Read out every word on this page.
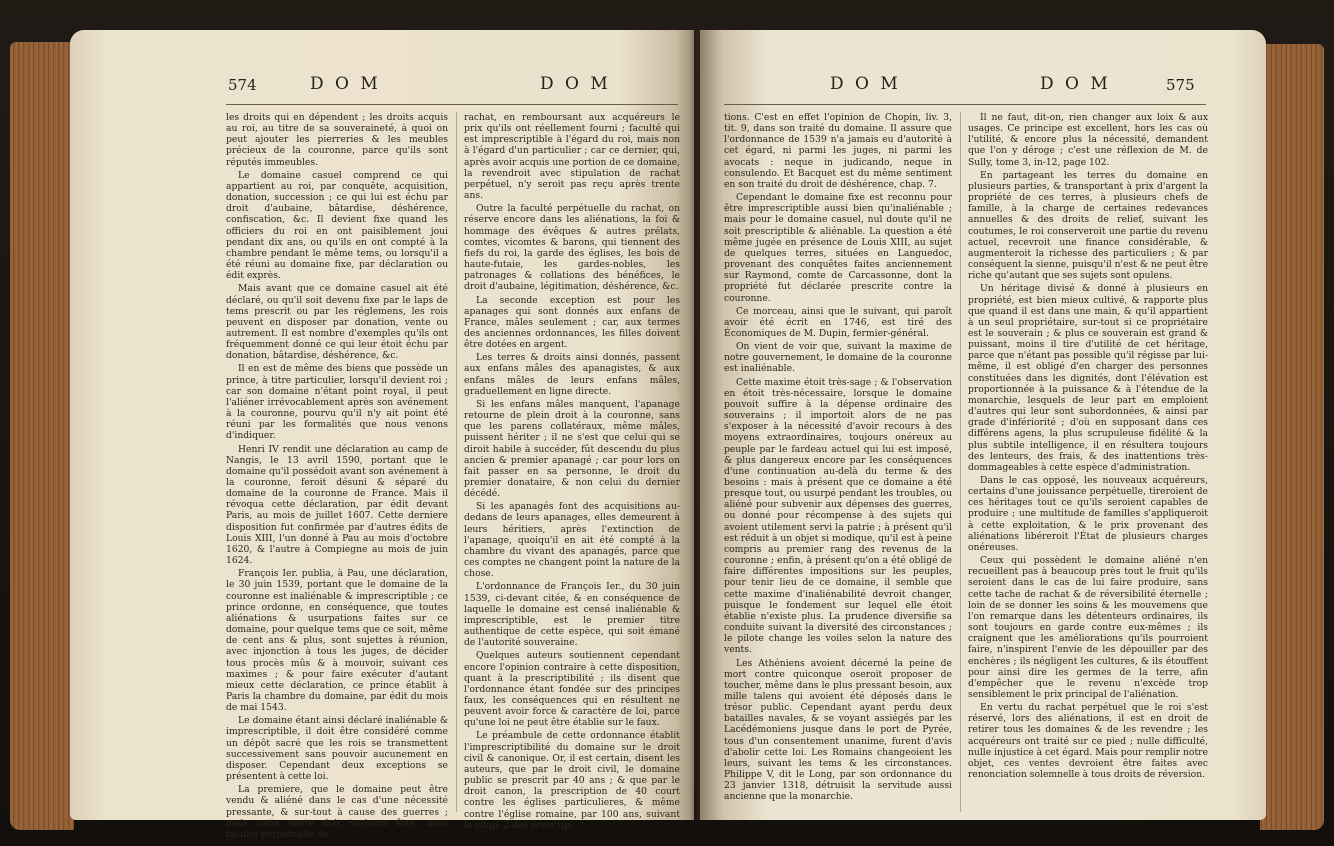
574	D O M	D O M

les droits qui en dépendent ; les droits acquis au roi, au titre de sa souveraineté, à quoi on peut ajouter les pierreries & les meubles précieux de la couronne, parce qu'ils sont réputés immeubles.

Le domaine casuel comprend ce qui appartient au roi, par conquête, acquisition, donation, succession ; ce qui lui est échu par droit d'aubaine, bâtardise, déshérence, confiscation, &c. Il devient fixe quand les officiers du roi en ont paisiblement joui pendant dix ans, ou qu'ils en ont compté à la chambre pendant le même tems, ou lorsqu'il a été réuni au domaine fixe, par déclaration ou édit exprès.

Mais avant que ce domaine casuel ait été déclaré, ou qu'il soit devenu fixe par le laps de tems prescrit ou par les réglemens, les rois peuvent en disposer par donation, vente ou autrement. Il est nombre d'exemples qu'ils ont fréquemment donné ce qui leur étoit échu par donation, bâtardise, déshérence, &c.

Il en est de même des biens que possède un prince, à titre particulier, lorsqu'il devient roi ; car son domaine n'étant point royal, il peut l'aliéner irrévocablement après son avénement à la couronne, pourvu qu'il n'y ait point été réuni par les formalités que nous venons d'indiquer.

Henri IV rendit une déclaration au camp de Nangis, le 13 avril 1590, portant que le domaine qu'il possédoit avant son avénement à la couronne, feroit désuni & séparé du domaine de la couronne de France. Mais il révoqua cette déclaration, par édit devant Paris, au mois de juillet 1607. Cette derniere disposition fut confirmée par d'autres édits de Louis XIII, l'un donné à Pau au mois d'octobre 1620, & l'autre à Compiegne au mois de juin 1624.

François Ier. publia, à Pau, une déclaration, le 30 juin 1539, portant que le domaine de la couronne est inaliénable & imprescriptible ; ce prince ordonne, en conséquence, que toutes aliénations & usurpations faites sur ce domaine, pour quelque tems que ce soit, même de cent ans & plus, sont sujettes à réunion, avec injonction à tous les juges, de décider tous procès mûs & à mouvoir, suivant ces maximes ; & pour faire exécuter d'autant mieux cette déclaration, ce prince établit à Paris la chambre du domaine, par édit du mois de mai 1543.

Le domaine étant ainsi déclaré inaliénable & imprescriptible, il doit être considéré comme un dépôt sacré que les rois se transmettent successivement sans pouvoir aucunement en disposer. Cependant deux exceptions se présentent à cette loi.

La premiere, que le domaine peut être vendu & aliéné dans le cas d'une nécessité pressante, & sur-tout à cause des guerres ; mais cette vente doit toujours être, avec faculté perpétuelle de

rachat, en remboursant aux acquéreurs le prix qu'ils ont réellement fourni ; faculté qui est imprescriptible à l'égard du roi, mais non à l'égard d'un particulier ; car ce dernier, qui, après avoir acquis une portion de ce domaine, la revendroit avec stipulation de rachat perpétuel, n'y seroit pas reçu après trente ans.

Outre la faculté perpétuelle du rachat, on réserve encore dans les aliénations, la foi & hommage des évêques & autres prélats, comtes, vicomtes & barons, qui tiennent des fiefs du roi, la garde des églises, les bois de haute-futaie, les gardes-nobles, les patronages & collations des bénéfices, le droit d'aubaine, légitimation, déshérence, &c.

La seconde exception est pour les apanages qui sont donnés aux enfans de France, mâles seulement ; car, aux termes des anciennes ordonnances, les filles doivent être dotées en argent.

Les terres & droits ainsi donnés, passent aux enfans mâles des apanagistes, & aux enfans mâles de leurs enfans mâles, graduellement en ligne directe.

Si les enfans mâles manquent, l'apanage retourne de plein droit à la couronne, sans que les parens collatéraux, même mâles, puissent hériter ; il ne s'est que celui qui se diroit habile à succéder, fût descendu du plus ancien & premier apanagé ; car pour lors on fait passer en sa personne, le droit du premier donataire, & non celui du dernier décédé.

Si les apanagés font des acquisitions au-dedans de leurs apanages, elles demeurent à leurs héritiers, après l'extinction de l'apanage, quoiqu'il en ait été compté à la chambre du vivant des apanagés, parce que ces comptes ne changent point la nature de la chose.

L'ordonnance de François Ier., du 30 juin 1539, ci-devant citée, & en conséquence de laquelle le domaine est censé inaliénable & imprescriptible, est le premier titre authentique de cette espèce, qui soit émané de l'autorité souveraine.

Quelques auteurs soutiennent cependant encore l'opinion contraire à cette disposition, quant à la prescriptibilité ; ils disent que l'ordonnance étant fondée sur des principes faux, les conséquences qui en résultent ne peuvent avoir force & caractère de loi, parce qu'une loi ne peut être établie sur le faux.

Le préambule de cette ordonnance établit l'imprescriptibilité du domaine sur le droit civil & canonique. Or, il est certain, disent les auteurs, que par le droit civil, le domaine public se prescrit par 40 ans ; & que par le droit canon, la prescription de 40 court contre les églises particulieres, & même contre l'église romaine, par 100 ans, suivant le chap. 2 des prescrip-

D O M	D O M	575

tions. C'est en effet l'opinion de Chopin, liv. 3, tit. 9, dans son traité du domaine. Il assure que l'ordonnance de 1539 n'a jamais eu d'autorité à cet égard, ni parmi les juges, ni parmi les avocats : neque in judicando, neque in consulendo. Et Bacquet est du même sentiment en son traité du droit de déshérence, chap. 7.

Cependant le domaine fixe est reconnu pour être imprescriptible aussi bien qu'inaliénable ; mais pour le domaine casuel, nul doute qu'il ne soit prescriptible & aliénable. La question a été même jugée en présence de Louis XIII, au sujet de quelques terres, situées en Languedoc, provenant des conquêtes faites anciennement sur Raymond, comte de Carcassonne, dont la propriété fut déclarée prescrite contre la couronne.

Ce morceau, ainsi que le suivant, qui paroît avoir été écrit en 1746, est tiré des Économiques de M. Dupin, fermier-général.

On vient de voir que, suivant la maxime de notre gouvernement, le domaine de la couronne est inaliénable.

Cette maxime étoit très-sage ; & l'observation en étoit très-nécessaire, lorsque le domaine pouvoit suffire à la dépense ordinaire des souverains ; il importoit alors de ne pas s'exposer à la nécessité d'avoir recours à des moyens extraordinaires, toujours onéreux au peuple par le fardeau actuel qui lui est imposé, & plus dangereux encore par les conséquences d'une continuation au-delà du terme & des besoins : mais à présent que ce domaine a été presque tout, ou usurpé pendant les troubles, ou aliéné pour subvenir aux dépenses des guerres, ou donné pour récompense à des sujets qui avoient utilement servi la patrie ; à présent qu'il est réduit à un objet si modique, qu'il est à peine compris au premier rang des revenus de la couronne ; enfin, à présent qu'on a été obligé de faire différentes impositions sur les peuples, pour tenir lieu de ce domaine, il semble que cette maxime d'inaliénabilité devroit changer, puisque le fondement sur lequel elle étoit établie n'existe plus. La prudence diversifie sa conduite suivant la diversité des circonstances ; le pilote change les voiles selon la nature des vents.

Les Athéniens avoient décerné la peine de mort contre quiconque oseroit proposer de toucher, même dans le plus pressant besoin, aux mille talens qui avoient été déposés dans le trésor public. Cependant ayant perdu deux batailles navales, & se voyant assiégés par les Lacédémoniens jusque dans le port de Pyrée, tous d'un consentement unanime, furent d'avis d'abolir cette loi. Les Romains changeoient les leurs, suivant les tems & les circonstances. Philippe V, dit le Long, par son ordonnance du 23 janvier 1318, détruisit la servitude aussi ancienne que la monarchie.

Il ne faut, dit-on, rien changer aux loix & aux usages. Ce principe est excellent, hors les cas où l'utilité, & encore plus la nécessité, demandent que l'on y déroge ; c'est une réflexion de M. de Sully, tome 3, in-12, page 102.

En partageant les terres du domaine en plusieurs parties, & transportant à prix d'argent la propriété de ces terres, à plusieurs chefs de famille, à la charge de certaines redevances annuelles & des droits de relief, suivant les coutumes, le roi conserveroit une partie du revenu actuel, recevroit une finance considérable, & augmenteroit la richesse des particuliers ; & par conséquent la sienne, puisqu'il n'est & ne peut être riche qu'autant que ses sujets sont opulens.

Un héritage divisé & donné à plusieurs en propriété, est bien mieux cultivé, & rapporte plus que quand il est dans une main, & qu'il appartient à un seul propriétaire, sur-tout si ce propriétaire est le souverain ; & plus ce souverain est grand & puissant, moins il tire d'utilité de cet héritage, parce que n'étant pas possible qu'il régisse par lui-même, il est obligé d'en charger des personnes constituées dans les dignités, dont l'élévation est proportionnée à la puissance & à l'étendue de la monarchie, lesquels de leur part en emploient d'autres qui leur sont subordonnées, & ainsi par grade d'infériorité ; d'où en supposant dans ces différens agens, la plus scrupuleuse fidélité & la plus subtile intelligence, il en résultera toujours des lenteurs, des frais, & des inattentions très-dommageables à cette espèce d'administration.

Dans le cas opposé, les nouveaux acquéreurs, certains d'une jouissance perpétuelle, tireroient de ces héritages tout ce qu'ils seroient capables de produire ; une multitude de familles s'appliqueroit à cette exploitation, & le prix provenant des aliénations libéreroit l'État de plusieurs charges onéreuses.

Ceux qui possèdent le domaine aliéné n'en recueillent pas à beaucoup près tout le fruit qu'ils seroient dans le cas de lui faire produire, sans cette tache de rachat & de réversibilité éternelle ; loin de se donner les soins & les mouvemens que l'on remarque dans les détenteurs ordinaires, ils sont toujours en garde contre eux-mêmes ; ils craignent que les améliorations qu'ils pourroient faire, n'inspirent l'envie de les dépouiller par des enchères ; ils négligent les cultures, & ils étouffent pour ainsi dire les germes de la terre, afin d'empêcher que le revenu n'excède trop sensiblement le prix principal de l'aliénation.

En vertu du rachat perpétuel que le roi s'est réservé, lors des aliénations, il est en droit de retirer tous les domaines & de les revendre ; les acquéreurs ont traité sur ce pied ; nulle difficulté, nulle injustice à cet égard. Mais pour remplir notre objet, ces ventes devroient être faites avec renonciation solemnelle à tous droits de réversion.
